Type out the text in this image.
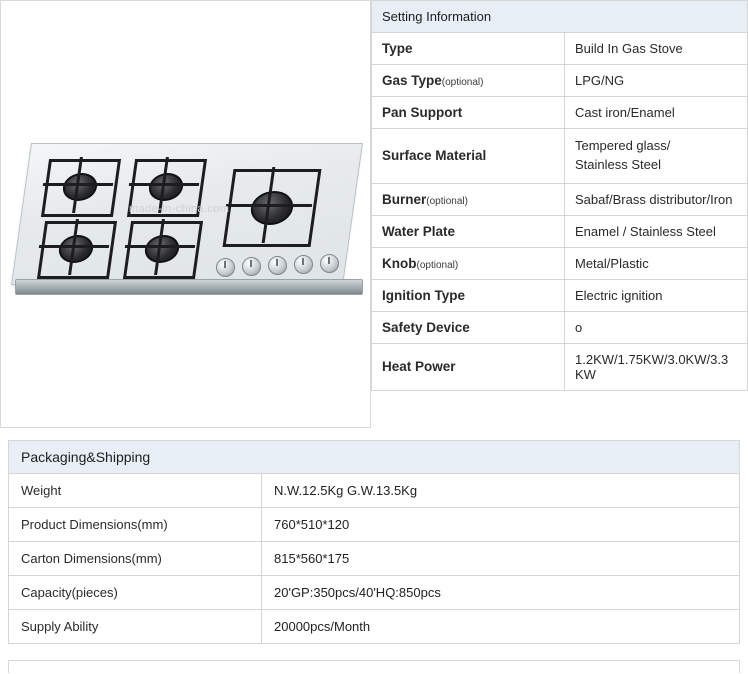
made-in-china.com
Setting Information	
Type	Build In Gas Stove
Gas Type(optional)	LPG/NG
Pan Support	Cast iron/Enamel
Surface Material	Tempered glass/
Stainless Steel

Burner(optional)	Sabaf/Brass distributor/Iron
Water Plate	Enamel / Stainless Steel
Knob(optional)	Metal/Plastic
Ignition Type	Electric ignition
Safety Device	o
Heat Power	1.2KW/1.75KW/3.0KW/3.3 KW
Packaging&Shipping	
Weight	N.W.12.5Kg G.W.13.5Kg
Product Dimensions(mm)	760*510*120
Carton Dimensions(mm)	815*560*175
Capacity(pieces)	20'GP:350pcs/40'HQ:850pcs
Supply Ability	20000pcs/Month
